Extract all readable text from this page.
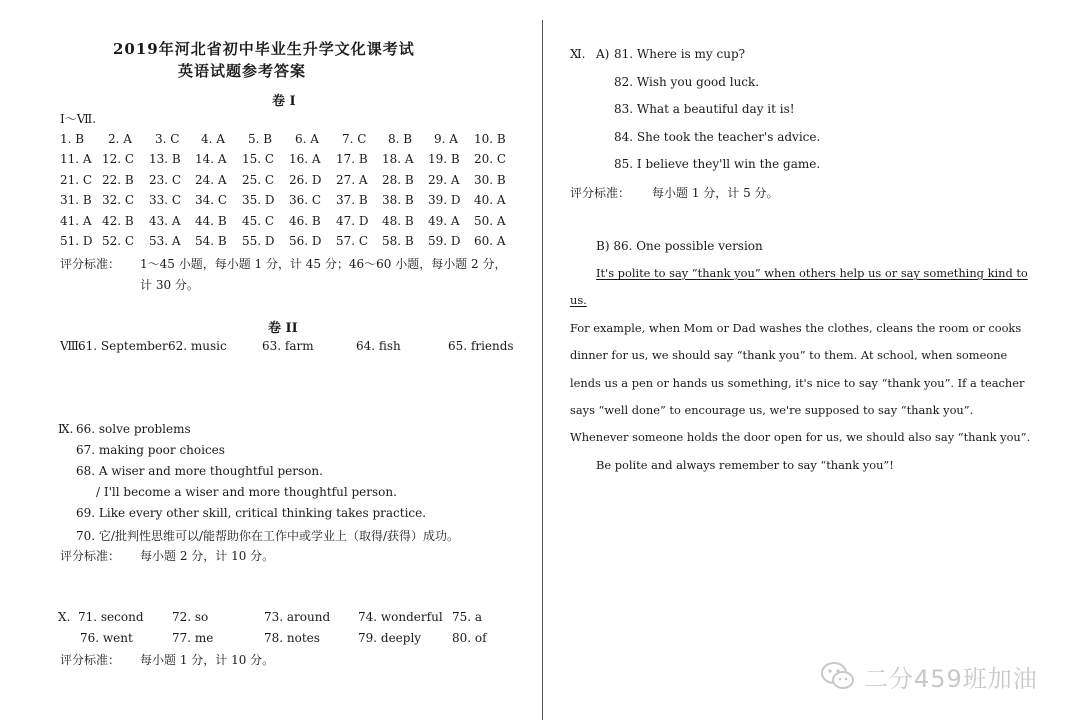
2019年河北省初中毕业生升学文化课考试
英语试题参考答案
卷 I
Ⅰ～Ⅶ.
1. B 2. A 3. C 4. A 5. B 6. A 7. C 8. B 9. A 10. B
11. A 12. C 13. B 14. A 15. C 16. A 17. B 18. A 19. B 20. C
21. C 22. B 23. C 24. A 25. C 26. D 27. A 28. B 29. A 30. B
31. B 32. C 33. C 34. C 35. D 36. C 37. B 38. B 39. D 40. A
41. A 42. B 43. A 44. B 45. C 46. B 47. D 48. B 49. A 50. A
51. D 52. C 53. A 54. B 55. D 56. D 57. C 58. B 59. D 60. A
评分标准： 1～45 小题，每小题 1 分，计 45 分；46～60 小题，每小题 2 分，
计 30 分。
卷 II
Ⅷ.
61. September 62. music	63. farm	64. fish	65. friends
Ⅸ. 66. solve problems
67. making poor choices
68. A wiser and more thoughtful person.
/ I'll become a wiser and more thoughtful person.
69. Like every other skill, critical thinking takes practice.
70. 它/批判性思维可以/能帮助你在工作中或学业上（取得/获得）成功。
评分标准： 每小题 2 分，计 10 分。
Ⅹ. 71. second 72. so	73. around 74. wonderful 75. a
76. went	77. me	78. notes	79. deeply	80. of
评分标准： 每小题 1 分，计 10 分。
Ⅺ. A) 81. Where is my cup?
82. Wish you good luck.
83. What a beautiful day it is!
84. She took the teacher's advice.
85. I believe they'll win the game.
评分标准： 每小题 1 分，计 5 分。
B) 86. One possible version

It's polite to say “thank you” when others help us or say something kind to us.

For example, when Mom or Dad washes the clothes, cleans the room or cooks dinner for us, we should say “thank you” to them. At school, when someone lends us a pen or hands us something, it's nice to say “thank you”. If a teacher says “well done” to encourage us, we're supposed to say “thank you”. Whenever someone holds the door open for us, we should also say “thank you”.

Be polite and always remember to say “thank you”!

二分459班加油
